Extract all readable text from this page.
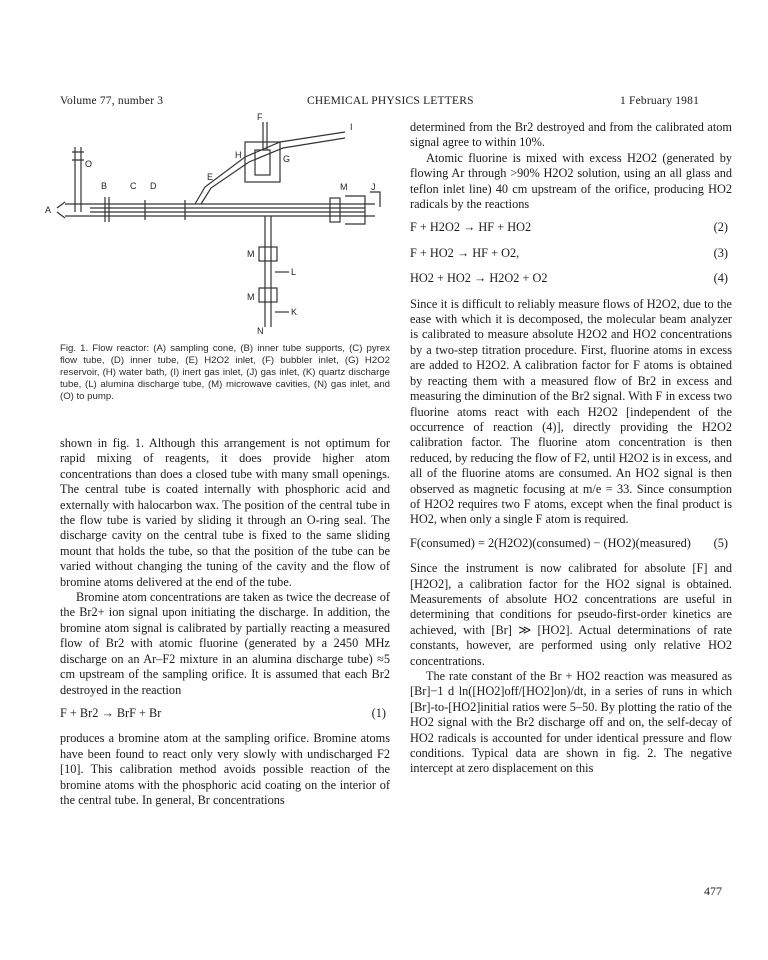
Volume 77, number 3	CHEMICAL PHYSICS LETTERS	1 February 1981
A
B	C D
E
F
G
H
I
J
K
L
M
M
M
N
O
Fig. 1. Flow reactor: (A) sampling cone, (B) inner tube supports, (C) pyrex flow tube, (D) inner tube, (E) H2O2 inlet, (F) bubbler inlet, (G) H2O2 reservoir, (H) water bath, (I) inert gas inlet, (J) gas inlet, (K) quartz discharge tube, (L) alumina discharge tube, (M) microwave cavities, (N) gas inlet, and (O) to pump.

shown in fig. 1. Although this arrangement is not optimum for rapid mixing of reagents, it does provide higher atom concentrations than does a closed tube with many small openings. The central tube is coated internally with phosphoric acid and externally with halocarbon wax. The position of the central tube in the flow tube is varied by sliding it through an O-ring seal. The discharge cavity on the central tube is fixed to the same sliding mount that holds the tube, so that the position of the tube can be varied without changing the tuning of the cavity and the flow of bromine atoms delivered at the end of the tube.

Bromine atom concentrations are taken as twice the decrease of the Br2+ ion signal upon initiating the discharge. In addition, the bromine atom signal is calibrated by partially reacting a measured flow of Br2 with atomic fluorine (generated by a 2450 MHz discharge on an Ar–F2 mixture in an alumina discharge tube) ≈5 cm upstream of the sampling orifice. It is assumed that each Br2 destroyed in the reaction

F + Br2 → BrF + Br	(1)

produces a bromine atom at the sampling orifice. Bromine atoms have been found to react only very slowly with undischarged F2 [10]. This calibration method avoids possible reaction of the bromine atoms with the phosphoric acid coating on the interior of the central tube. In general, Br concentrations

determined from the Br2 destroyed and from the calibrated atom signal agree to within 10%.

Atomic fluorine is mixed with excess H2O2 (generated by flowing Ar through >90% H2O2 solution, using an all glass and teflon inlet line) 40 cm upstream of the orifice, producing HO2 radicals by the reactions

F + H2O2 → HF + HO2	(2)
F + HO2 → HF + O2,	(3)
HO2 + HO2 → H2O2 + O2	(4)

Since it is difficult to reliably measure flows of H2O2, due to the ease with which it is decomposed, the molecular beam analyzer is calibrated to measure absolute H2O2 and HO2 concentrations by a two-step titration procedure. First, fluorine atoms in excess are added to H2O2. A calibration factor for F atoms is obtained by reacting them with a measured flow of Br2 in excess and measuring the diminution of the Br2 signal. With F in excess two fluorine atoms react with each H2O2 [independent of the occurrence of reaction (4)], directly providing the H2O2 calibration factor. The fluorine atom concentration is then reduced, by reducing the flow of F2, until H2O2 is in excess, and all of the fluorine atoms are consumed. An HO2 signal is then observed as magnetic focusing at m/e = 33. Since consumption of H2O2 requires two F atoms, except when the final product is HO2, when only a single F atom is required.

F(consumed) = 2(H2O2)(consumed) − (HO2)(measured) (5)

Since the instrument is now calibrated for absolute [F] and [H2O2], a calibration factor for the HO2 signal is obtained. Measurements of absolute HO2 concentrations are useful in determining that conditions for pseudo-first-order kinetics are achieved, with [Br] ≫ [HO2]. Actual determinations of rate constants, however, are performed using only relative HO2 concentrations.

The rate constant of the Br + HO2 reaction was measured as [Br]−1 d ln([HO2]off/[HO2]on)/dt, in a series of runs in which [Br]-to-[HO2]initial ratios were 5–50. By plotting the ratio of the HO2 signal with the Br2 discharge off and on, the self-decay of HO2 radicals is accounted for under identical pressure and flow conditions. Typical data are shown in fig. 2. The negative intercept at zero displacement on this

477
